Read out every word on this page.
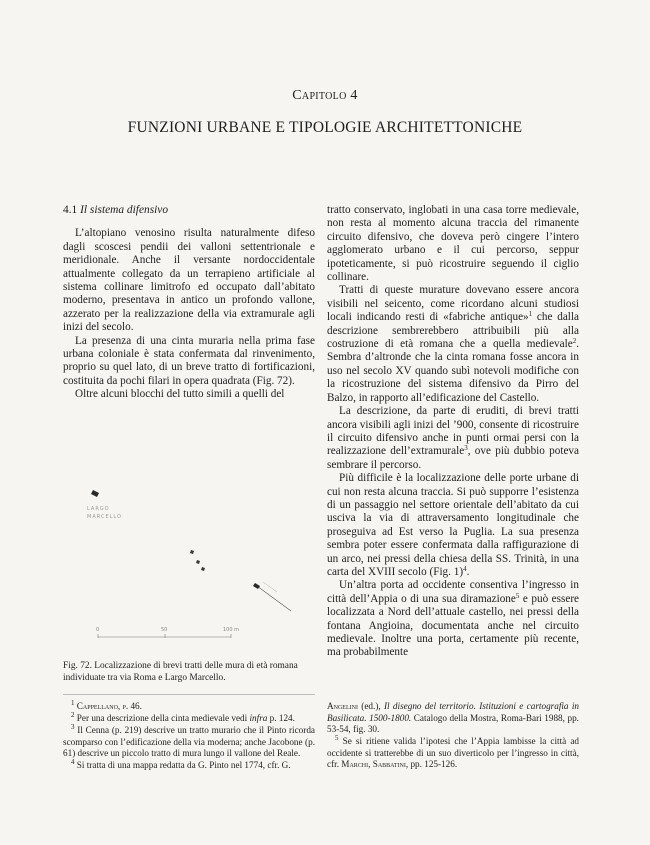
Capitolo 4
FUNZIONI URBANE E TIPOLOGIE ARCHITETTONICHE
4.1 Il sistema difensivo

L’altopiano venosino risulta naturalmente difeso dagli scoscesi pendii dei valloni settentrionale e meridionale. Anche il versante nordoccidentale attualmente collegato da un terrapieno artificiale al sistema collinare limitrofo ed occupato dall’abitato moderno, presentava in antico un profondo vallone, azzerato per la realizzazione della via extramurale agli inizi del secolo.

La presenza di una cinta muraria nella prima fase urbana coloniale è stata confermata dal rinvenimento, proprio su quel lato, di un breve tratto di fortificazioni, costituita da pochi filari in opera quadrata (Fig. 72).

Oltre alcuni blocchi del tutto simili a quelli del

LARGO
MARCELLO
0	50	100 m
Fig. 72. Localizzazione di brevi tratti delle mura di età romana individuate tra via Roma e Largo Marcello.

$^1$ Cappellano, p. 46.

$^2$ Per una descrizione della cinta medievale vedi infra p. 124.

$^3$ Il Cenna (p. 219) descrive un tratto murario che il Pinto ricorda scomparso con l’edificazione della via moderna; anche Jacobone (p. 61) descrive un piccolo tratto di mura lungo il vallone del Reale.

$^4$ Si tratta di una mappa redatta da G. Pinto nel 1774, cfr. G.

tratto conservato, inglobati in una casa torre medievale, non resta al momento alcuna traccia del rimanente circuito difensivo, che doveva però cingere l’intero agglomerato urbano e il cui percorso, seppur ipoteticamente, si può ricostruire seguendo il ciglio collinare.

Tratti di queste murature dovevano essere ancora visibili nel seicento, come ricordano alcuni studiosi locali indicando resti di «fabriche antique»$^1$ che dalla descrizione sembrerebbero attribuibili più alla costruzione di età romana che a quella medievale$^2$. Sembra d’altronde che la cinta romana fosse ancora in uso nel secolo XV quando subì notevoli modifiche con la ricostruzione del sistema difensivo da Pirro del Balzo, in rapporto all’edificazione del Castello.

La descrizione, da parte di eruditi, di brevi tratti ancora visibili agli inizi del ’900, consente di ricostruire il circuito difensivo anche in punti ormai persi con la realizzazione dell’extramurale$^3$, ove più dubbio poteva sembrare il percorso.

Più difficile è la localizzazione delle porte urbane di cui non resta alcuna traccia. Si può supporre l’esistenza di un passaggio nel settore orientale dell’abitato da cui usciva la via di attraversamento longitudinale che proseguiva ad Est verso la Puglia. La sua presenza sembra poter essere confermata dalla raffigurazione di un arco, nei pressi della chiesa della SS. Trinità, in una carta del XVIII secolo (Fig. 1)$^4$.

Un’altra porta ad occidente consentiva l’ingresso in città dell’Appia o di una sua diramazione$^5$ e può essere localizzata a Nord dell’attuale castello, nei pressi della fontana Angioina, documentata anche nel circuito medievale. Inoltre una porta, certamente più recente, ma probabilmente

Angelini (ed.), Il disegno del territorio. Istituzioni e cartografia in Basilicata. 1500-1800. Catalogo della Mostra, Roma-Bari 1988, pp. 53-54, fig. 30.

$^5$ Se si ritiene valida l’ipotesi che l’Appia lambisse la città ad occidente si tratterebbe di un suo diverticolo per l’ingresso in città, cfr. Marchi, Sabbatini, pp. 125-126.
